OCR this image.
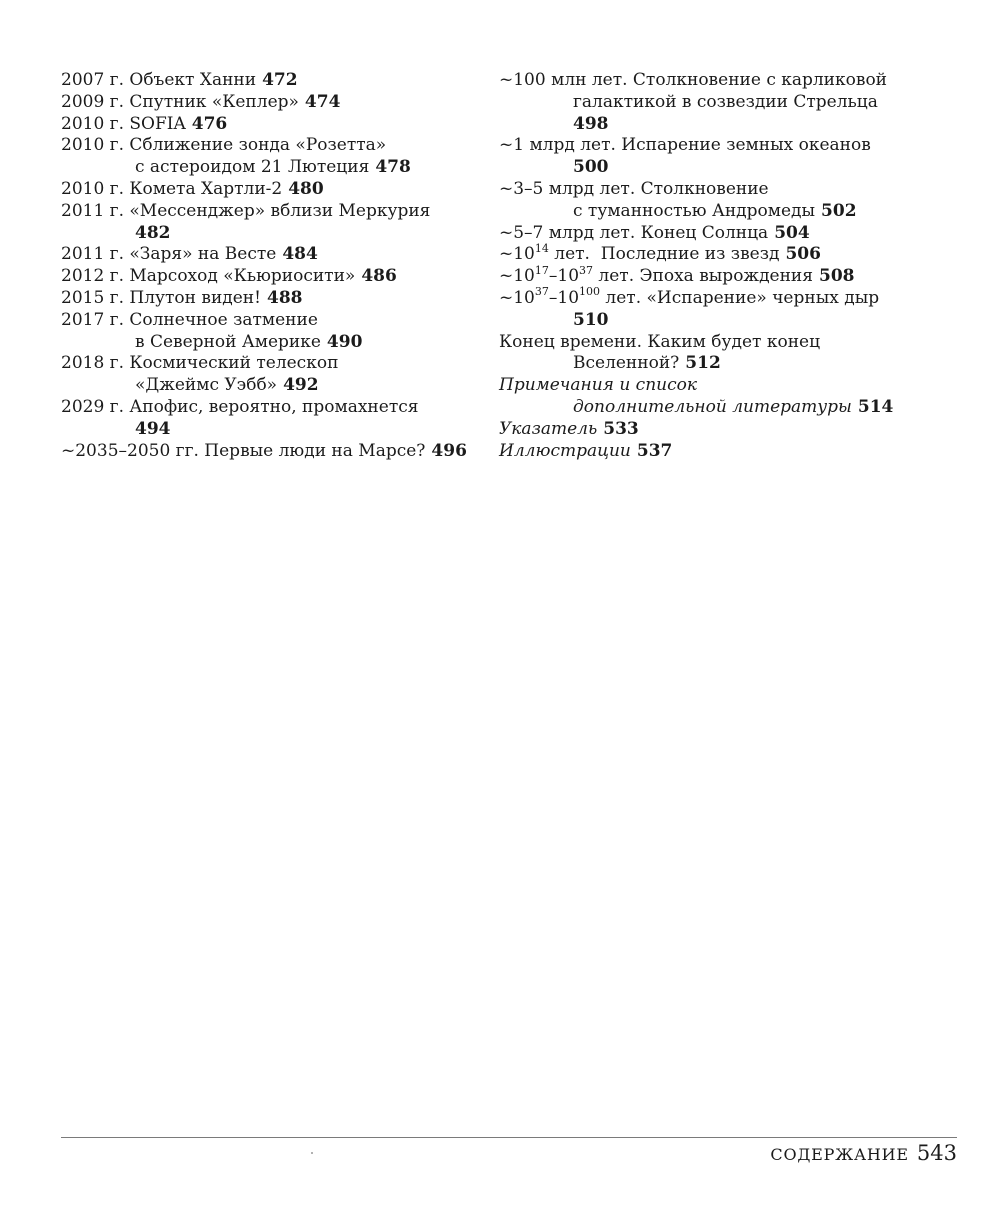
2007 г. Объект Ханни 472
2009 г. Спутник «Кеплер» 474
2010 г. SOFIA 476
2010 г. Сближение зонда «Розетта»
с астероидом 21 Лютеция 478
2010 г. Комета Хартли-2 480
2011 г. «Мессенджер» вблизи Меркурия
482
2011 г. «Заря» на Весте 484
2012 г. Марсоход «Кьюриосити» 486
2015 г. Плутон виден! 488
2017 г. Солнечное затмение
в Северной Америке 490
2018 г. Космический телескоп
«Джеймс Уэбб» 492
2029 г. Апофис, вероятно, промахнется
494
~2035–2050 гг. Первые люди на Марсе? 496
~100 млн лет. Столкновение с карликовой
галактикой в созвездии Стрельца
498
~1 млрд лет. Испарение земных океанов
500
~3–5 млрд лет. Столкновение
с туманностью Андромеды 502
~5–7 млрд лет. Конец Солнца 504
$\sim 10^{14}$ лет.  Последние из звезд 506
$\sim 10^{17}-10^{37}$ лет. Эпоха вырождения 508
$\sim 10^{37}-10^{100}$ лет. «Испарение» черных дыр
510
Конец времени. Каким будет конец
Вселенной? 512
Примечания и список
дополнительной литературы 514
Указатель 533
Иллюстрации 537
СОДЕРЖАНИЕ 543
